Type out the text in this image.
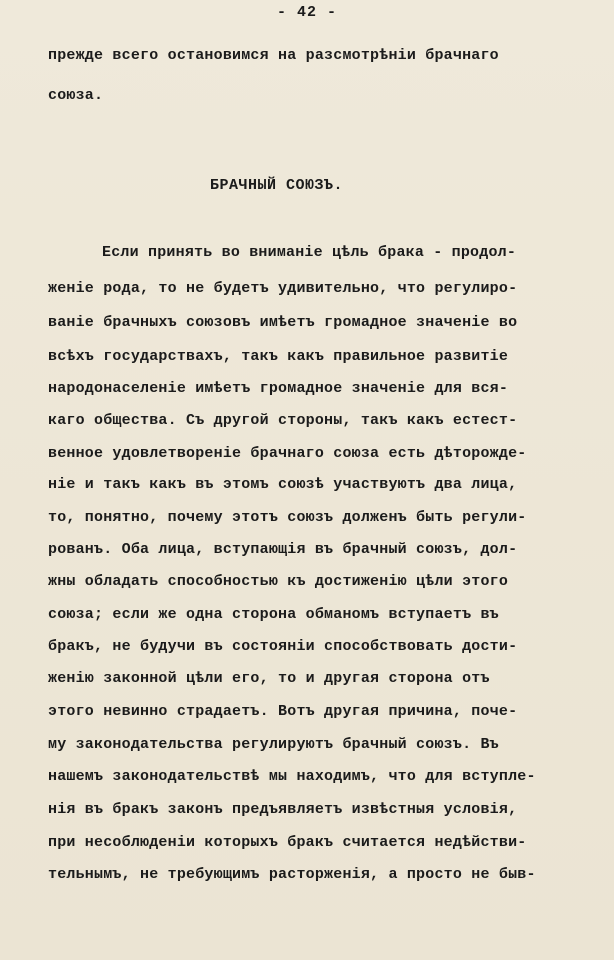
- 42 -
прежде всего остановимся на разсмотрѣніи брачнаго
союза.
БРАЧНЫЙ СОЮЗЪ.
Если принять во вниманіе цѣль брака - продол-
женіе рода, то не будетъ удивительно, что регулиро-
ваніе брачныхъ союзовъ имѣетъ громадное значеніе во
всѣхъ государствахъ, такъ какъ правильное развитіе
народонаселеніе имѣетъ громадное значеніе для вся-
каго общества. Съ другой стороны, такъ какъ естест-
венное удовлетвореніе брачнаго союза есть дѣторожде-
ніе и такъ какъ въ этомъ союзѣ участвуютъ два лица,
то, понятно, почему этотъ союзъ долженъ быть регули-
рованъ. Оба лица, вступающія въ брачный союзъ, дол-
жны обладать способностью къ достиженію цѣли этого
союза; если же одна сторона обманомъ вступаетъ въ
бракъ, не будучи въ состояніи способствовать дости-
женію законной цѣли его, то и другая сторона отъ
этого невинно страдаетъ. Вотъ другая причина, поче-
му законодательства регулируютъ брачный союзъ. Въ
нашемъ законодательствѣ мы находимъ, что для вступле-
нія въ бракъ законъ предъявляетъ извѣстныя условія,
при несоблюденіи которыхъ бракъ считается недѣйстви-
тельнымъ, не требующимъ расторженія, а просто не быв-
